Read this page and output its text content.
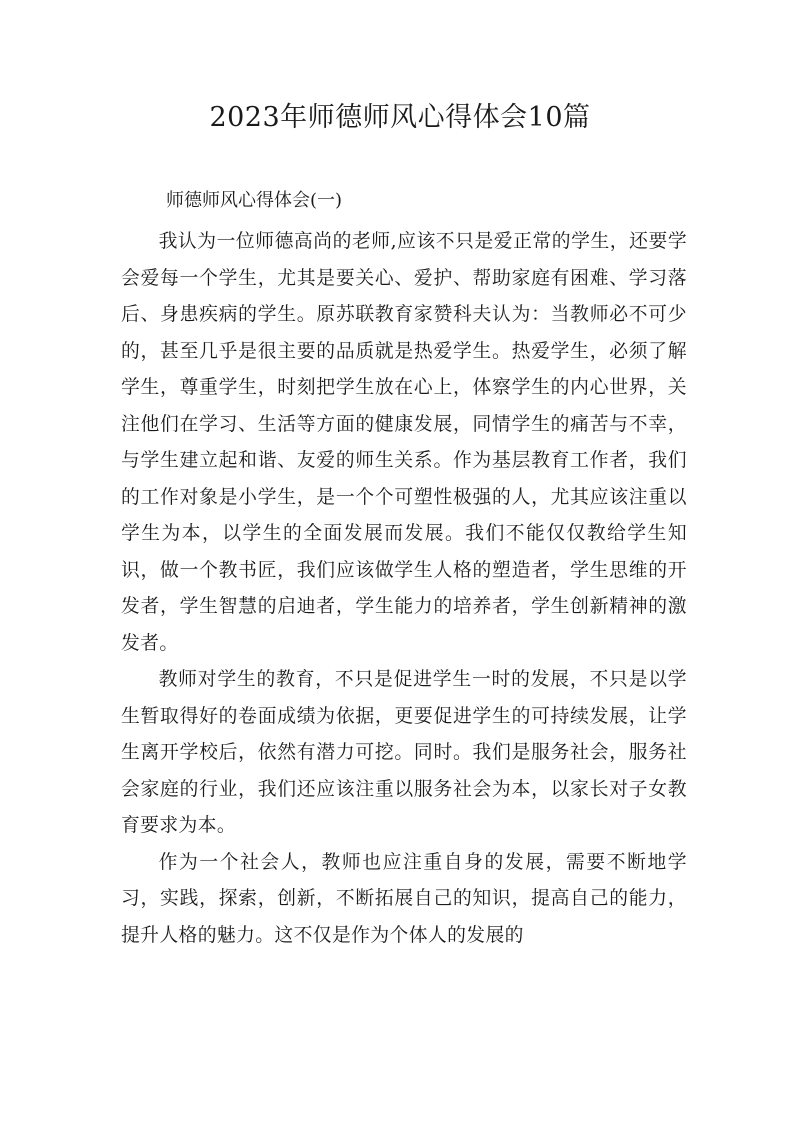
2023年师德师风心得体会10篇
师德师风心得体会(一)

我认为一位师德高尚的老师,应该不只是爱正常的学生，还要学会爱每一个学生，尤其是要关心、爱护、帮助家庭有困难、学习落后、身患疾病的学生。原苏联教育家赞科夫认为：当教师必不可少的，甚至几乎是很主要的品质就是热爱学生。热爱学生，必须了解学生，尊重学生，时刻把学生放在心上，体察学生的内心世界，关注他们在学习、生活等方面的健康发展，同情学生的痛苦与不幸，与学生建立起和谐、友爱的师生关系。作为基层教育工作者，我们的工作对象是小学生，是一个个可塑性极强的人，尤其应该注重以学生为本，以学生的全面发展而发展。我们不能仅仅教给学生知识，做一个教书匠，我们应该做学生人格的塑造者，学生思维的开发者，学生智慧的启迪者，学生能力的培养者，学生创新精神的激发者。

教师对学生的教育，不只是促进学生一时的发展，不只是以学生暂取得好的卷面成绩为依据，更要促进学生的可持续发展，让学生离开学校后，依然有潜力可挖。同时。我们是服务社会，服务社会家庭的行业，我们还应该注重以服务社会为本，以家长对子女教育要求为本。

作为一个社会人，教师也应注重自身的发展，需要不断地学习，实践，探索，创新，不断拓展自己的知识，提高自己的能力，提升人格的魅力。这不仅是作为个体人的发展的
